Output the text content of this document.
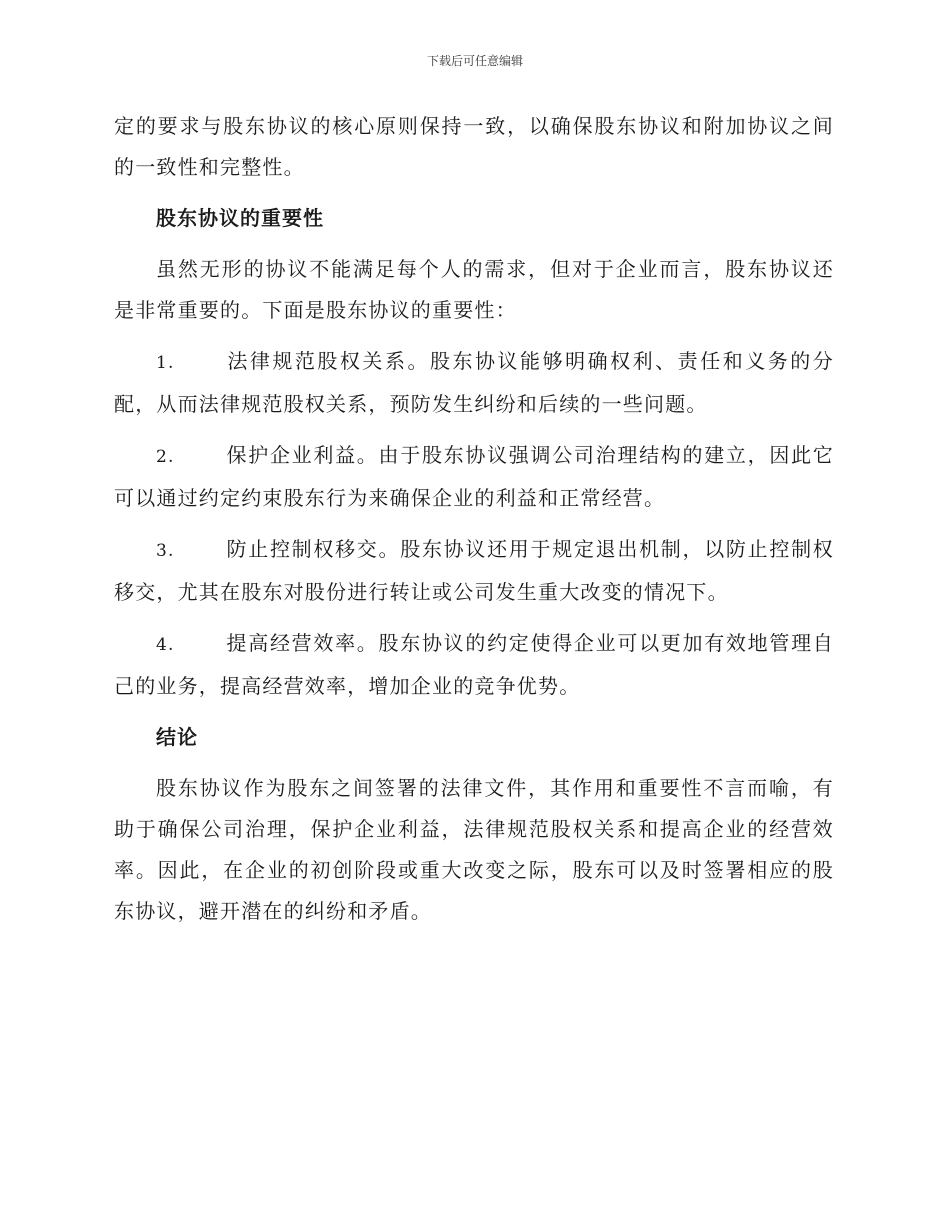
下载后可任意编辑

定的要求与股东协议的核心原则保持一致，以确保股东协议和附加协议之间的一致性和完整性。

股东协议的重要性

虽然无形的协议不能满足每个人的需求，但对于企业而言，股东协议还是非常重要的。下面是股东协议的重要性：

1.	法律规范股权关系。股东协议能够明确权利、责任和义务的分配，从而法律规范股权关系，预防发生纠纷和后续的一些问题。

2.	保护企业利益。由于股东协议强调公司治理结构的建立，因此它可以通过约定约束股东行为来确保企业的利益和正常经营。

3.	防止控制权移交。股东协议还用于规定退出机制，以防止控制权移交，尤其在股东对股份进行转让或公司发生重大改变的情况下。

4.	提高经营效率。股东协议的约定使得企业可以更加有效地管理自己的业务，提高经营效率，增加企业的竞争优势。

结论

股东协议作为股东之间签署的法律文件，其作用和重要性不言而喻，有助于确保公司治理，保护企业利益，法律规范股权关系和提高企业的经营效率。因此，在企业的初创阶段或重大改变之际，股东可以及时签署相应的股东协议，避开潜在的纠纷和矛盾。
